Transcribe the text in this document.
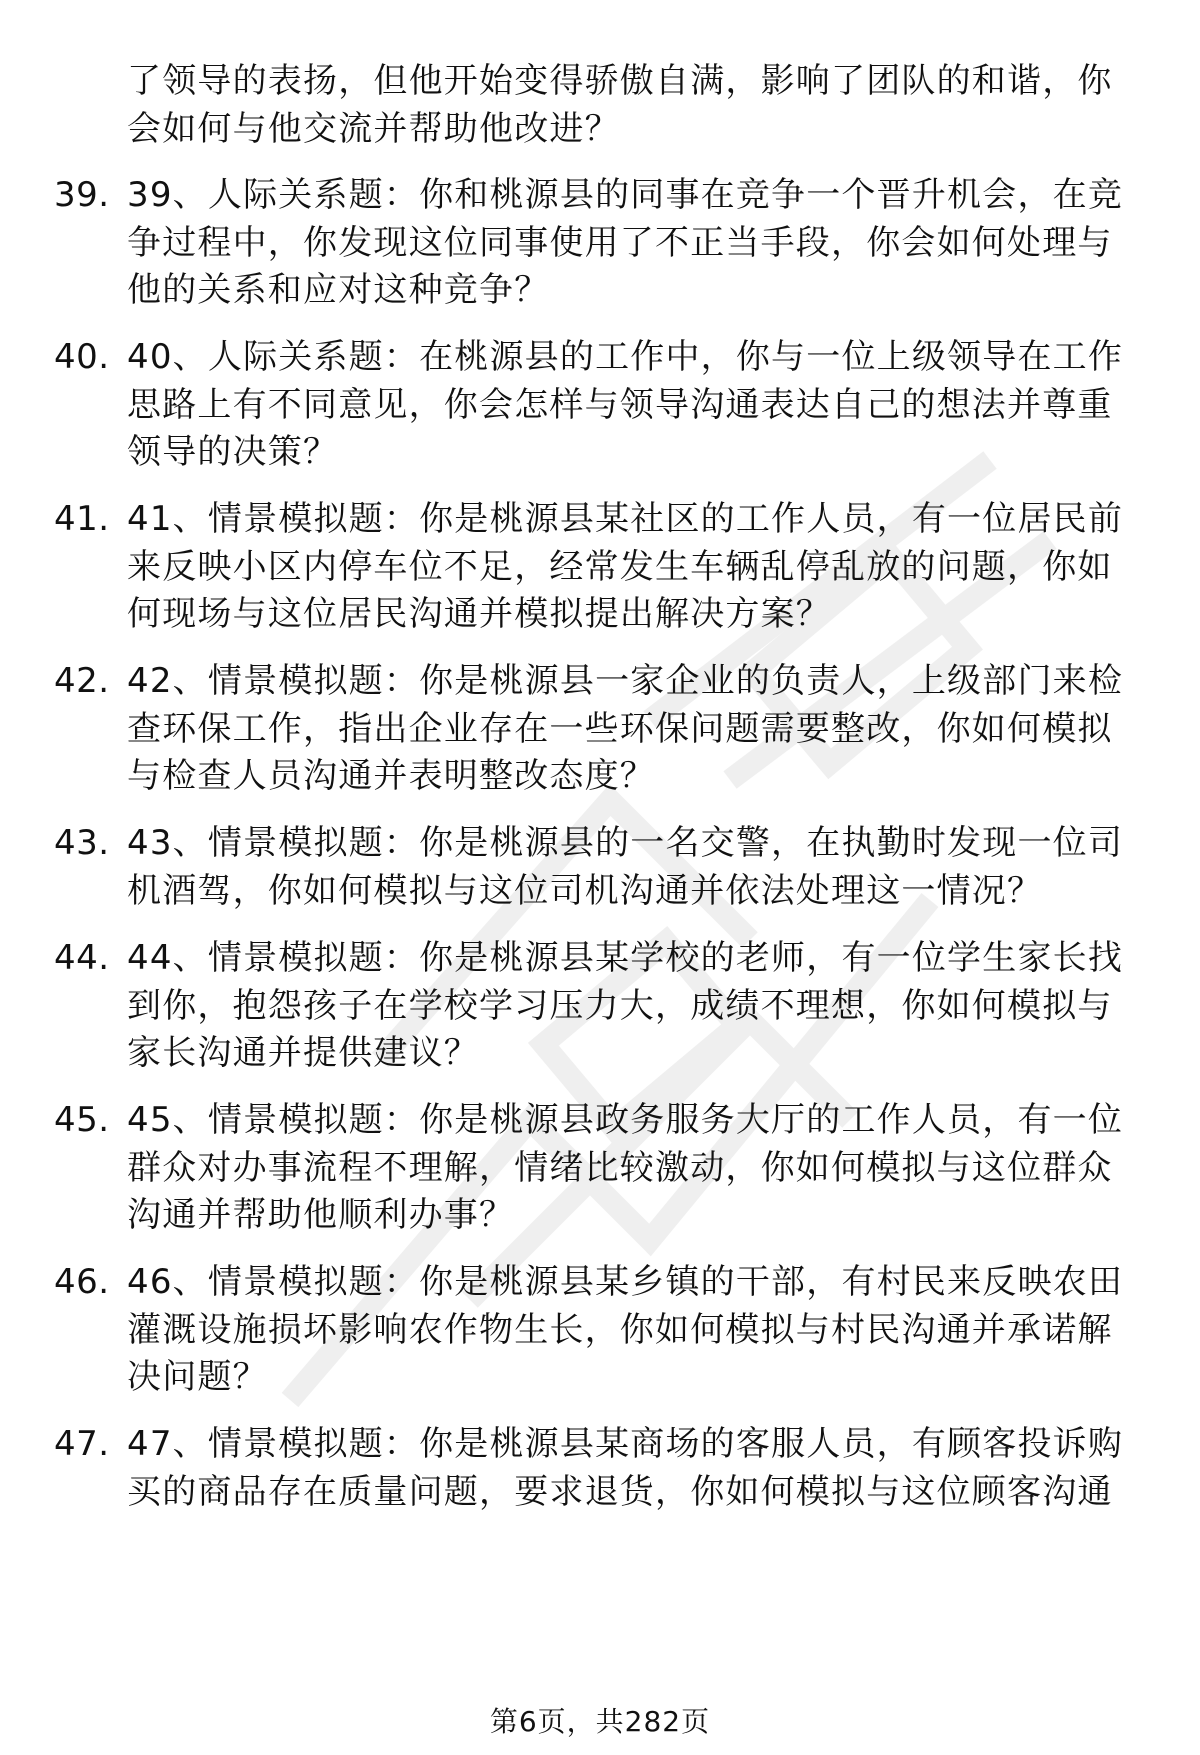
了领导的表扬，但他开始变得骄傲自满，影响了团队的和谐，你会如何与他交流并帮助他改进？
39. 39、人际关系题：你和桃源县的同事在竞争一个晋升机会，在竞争过程中，你发现这位同事使用了不正当手段，你会如何处理与他的关系和应对这种竞争？
40. 40、人际关系题：在桃源县的工作中，你与一位上级领导在工作思路上有不同意见，你会怎样与领导沟通表达自己的想法并尊重领导的决策？
41. 41、情景模拟题：你是桃源县某社区的工作人员，有一位居民前来反映小区内停车位不足，经常发生车辆乱停乱放的问题，你如何现场与这位居民沟通并模拟提出解决方案？
42. 42、情景模拟题：你是桃源县一家企业的负责人，上级部门来检查环保工作，指出企业存在一些环保问题需要整改，你如何模拟与检查人员沟通并表明整改态度？
43. 43、情景模拟题：你是桃源县的一名交警，在执勤时发现一位司机酒驾，你如何模拟与这位司机沟通并依法处理这一情况？
44. 44、情景模拟题：你是桃源县某学校的老师，有一位学生家长找到你，抱怨孩子在学校学习压力大，成绩不理想，你如何模拟与家长沟通并提供建议？
45. 45、情景模拟题：你是桃源县政务服务大厅的工作人员，有一位群众对办事流程不理解，情绪比较激动，你如何模拟与这位群众沟通并帮助他顺利办事？
46. 46、情景模拟题：你是桃源县某乡镇的干部，有村民来反映农田灌溉设施损坏影响农作物生长，你如何模拟与村民沟通并承诺解决问题？
47. 47、情景模拟题：你是桃源县某商场的客服人员，有顾客投诉购买的商品存在质量问题，要求退货，你如何模拟与这位顾客沟通
第6页，共282页
